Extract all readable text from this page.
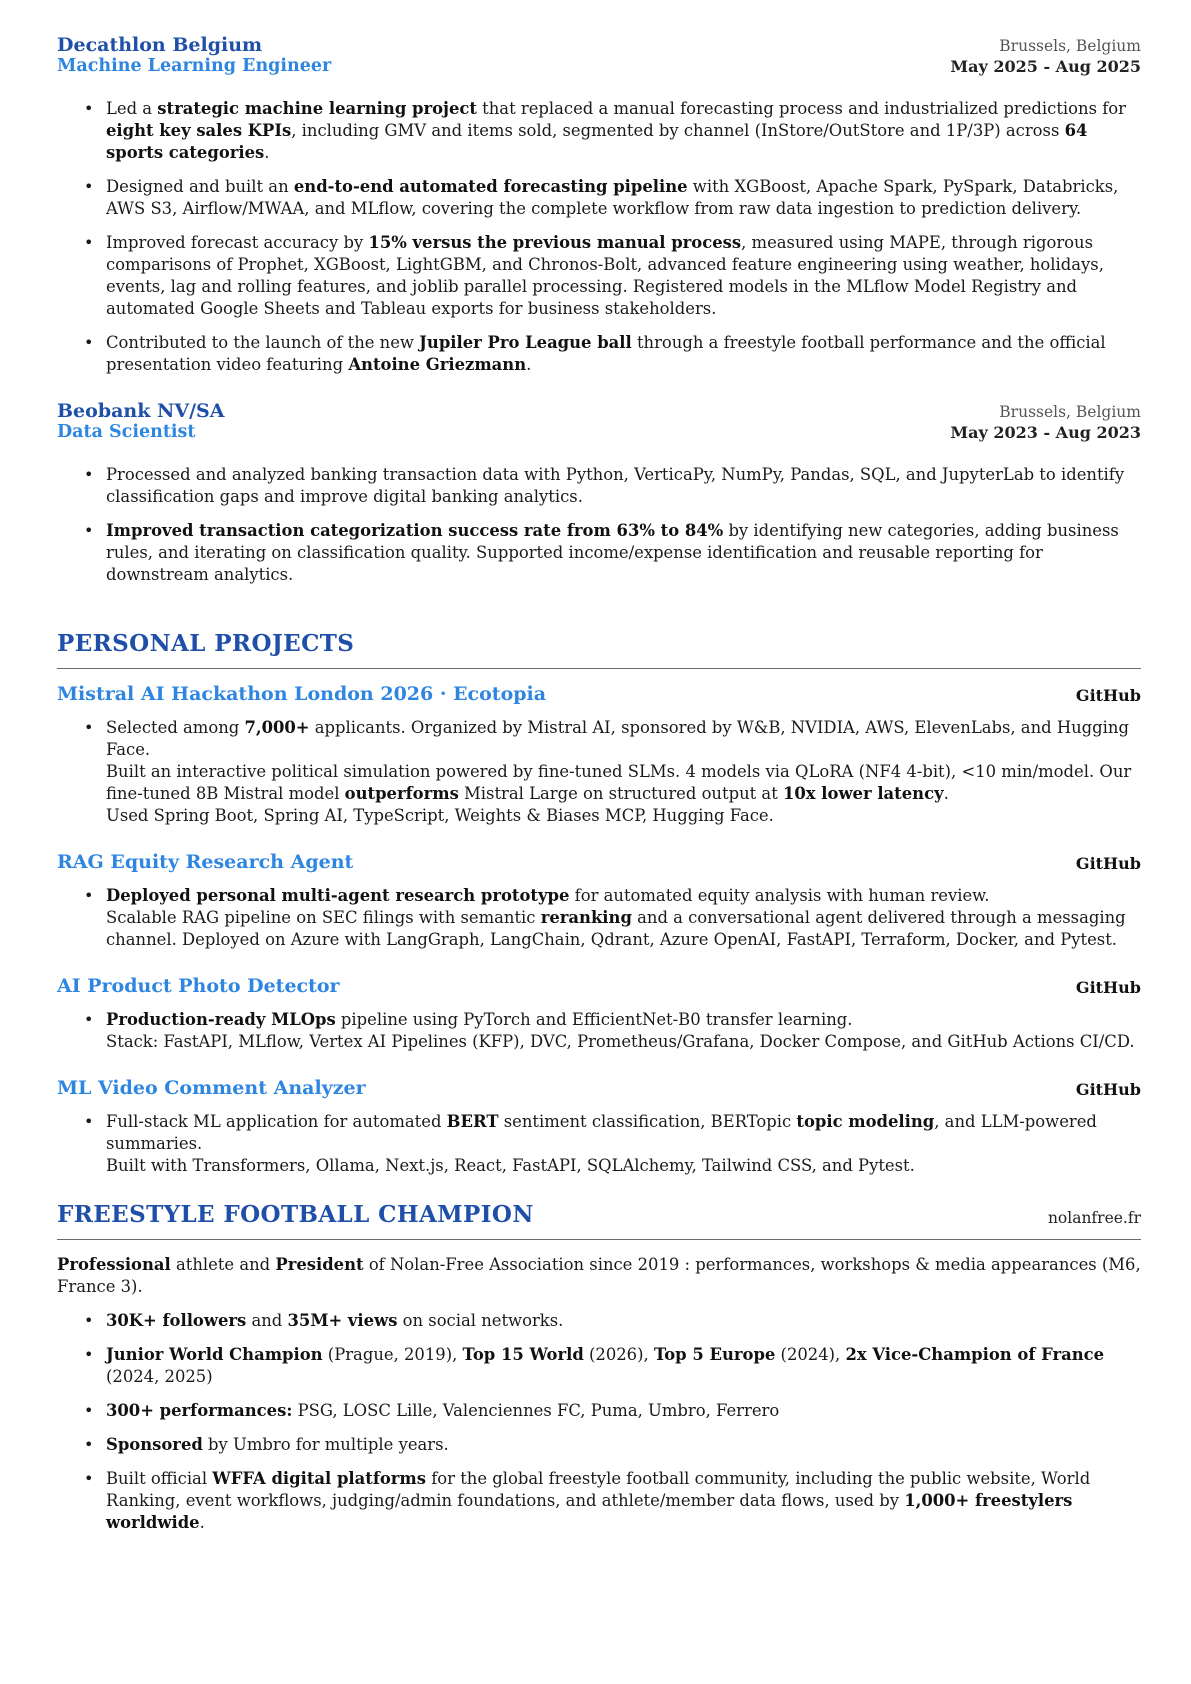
Decathlon Belgium	Brussels, Belgium
Machine Learning Engineer	May 2025 - Aug 2025
• Led a strategic machine learning project that replaced a manual forecasting process and industrialized predictions for eight key sales KPIs, including GMV and items sold, segmented by channel (InStore/OutStore and 1P/3P) across 64 sports categories.
• Designed and built an end-to-end automated forecasting pipeline with XGBoost, Apache Spark, PySpark, Databricks, AWS S3, Airflow/MWAA, and MLflow, covering the complete workflow from raw data ingestion to prediction delivery.
• Improved forecast accuracy by 15% versus the previous manual process, measured using MAPE, through rigorous comparisons of Prophet, XGBoost, LightGBM, and Chronos-Bolt, advanced feature engineering using weather, holidays, events, lag and rolling features, and joblib parallel processing. Registered models in the MLflow Model Registry and automated Google Sheets and Tableau exports for business stakeholders.
• Contributed to the launch of the new Jupiler Pro League ball through a freestyle football performance and the official presentation video featuring Antoine Griezmann.
Beobank NV/SA	Brussels, Belgium
Data Scientist	May 2023 - Aug 2023
• Processed and analyzed banking transaction data with Python, VerticaPy, NumPy, Pandas, SQL, and JupyterLab to identify classification gaps and improve digital banking analytics.
• Improved transaction categorization success rate from 63% to 84% by identifying new categories, adding business rules, and iterating on classification quality. Supported income/expense identification and reusable reporting for downstream analytics.
PERSONAL PROJECTS
Mistral AI Hackathon London 2026 · Ecotopia	GitHub
• Selected among 7,000+ applicants. Organized by Mistral AI, sponsored by W&B, NVIDIA, AWS, ElevenLabs, and Hugging Face.
Built an interactive political simulation powered by fine-tuned SLMs. 4 models via QLoRA (NF4 4-bit), <10 min/model. Our fine-tuned 8B Mistral model outperforms Mistral Large on structured output at 10x lower latency.
Used Spring Boot, Spring AI, TypeScript, Weights & Biases MCP, Hugging Face.
RAG Equity Research Agent	GitHub
• Deployed personal multi-agent research prototype for automated equity analysis with human review.
Scalable RAG pipeline on SEC filings with semantic reranking and a conversational agent delivered through a messaging channel. Deployed on Azure with LangGraph, LangChain, Qdrant, Azure OpenAI, FastAPI, Terraform, Docker, and Pytest.
AI Product Photo Detector	GitHub
• Production-ready MLOps pipeline using PyTorch and EfficientNet-B0 transfer learning.
Stack: FastAPI, MLflow, Vertex AI Pipelines (KFP), DVC, Prometheus/Grafana, Docker Compose, and GitHub Actions CI/CD.
ML Video Comment Analyzer	GitHub
• Full-stack ML application for automated BERT sentiment classification, BERTopic topic modeling, and LLM-powered summaries.
Built with Transformers, Ollama, Next.js, React, FastAPI, SQLAlchemy, Tailwind CSS, and Pytest.
FREESTYLE FOOTBALL CHAMPION	nolanfree.fr
Professional athlete and President of Nolan-Free Association since 2019 : performances, workshops & media appearances (M6, France 3).
• 30K+ followers and 35M+ views on social networks.
• Junior World Champion (Prague, 2019), Top 15 World (2026), Top 5 Europe (2024), 2x Vice-Champion of France (2024, 2025)
• 300+ performances: PSG, LOSC Lille, Valenciennes FC, Puma, Umbro, Ferrero
• Sponsored by Umbro for multiple years.
• Built official WFFA digital platforms for the global freestyle football community, including the public website, World Ranking, event workflows, judging/admin foundations, and athlete/member data flows, used by 1,000+ freestylers worldwide.
